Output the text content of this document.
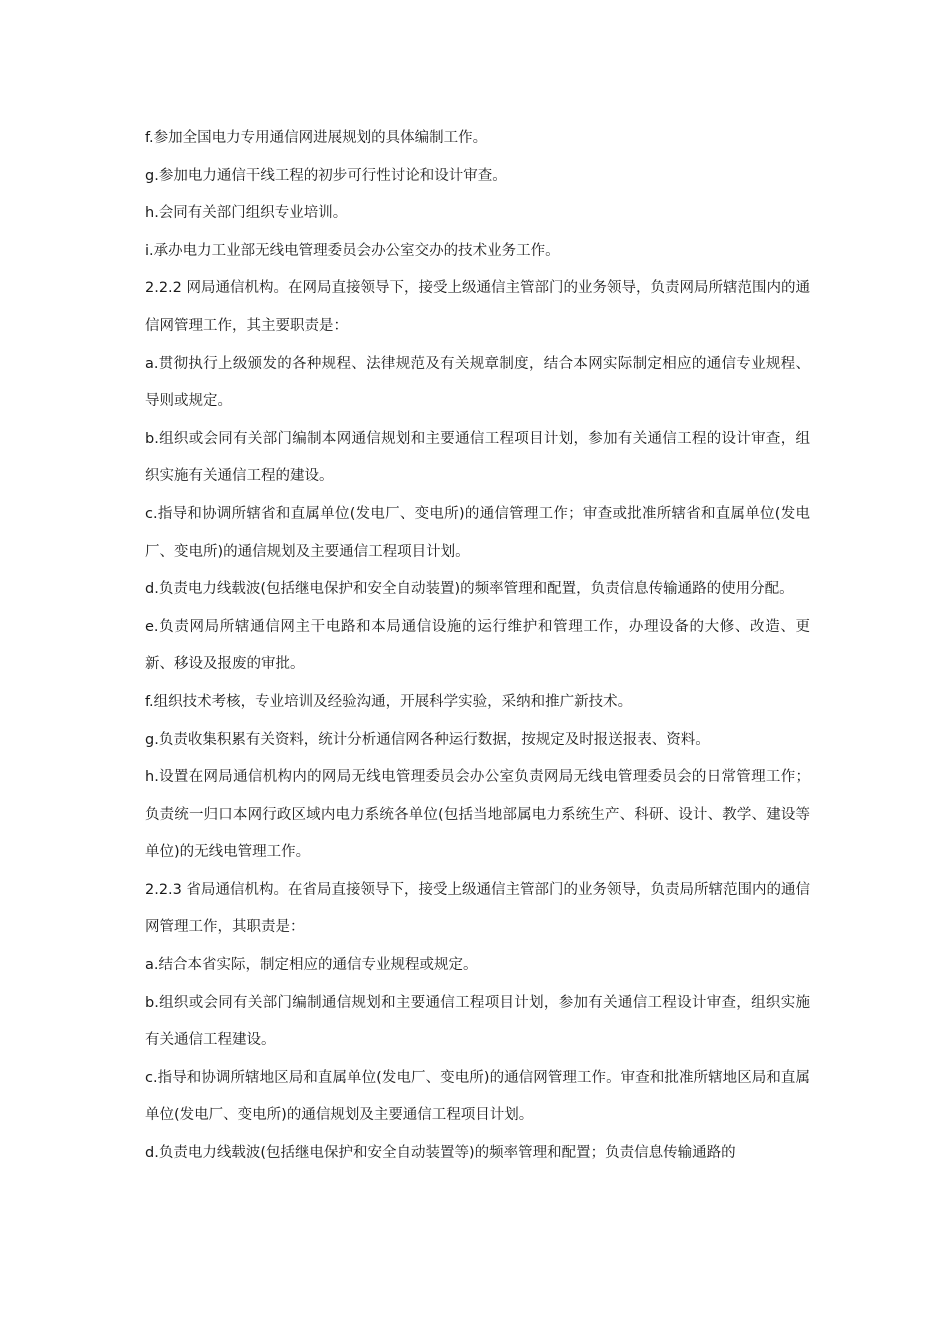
f.参加全国电力专用通信网进展规划的具体编制工作。

g.参加电力通信干线工程的初步可行性讨论和设计审查。

h.会同有关部门组织专业培训。

i.承办电力工业部无线电管理委员会办公室交办的技术业务工作。

2.2.2 网局通信机构。在网局直接领导下，接受上级通信主管部门的业务领导，负责网局所辖范围内的通信网管理工作，其主要职责是：

a.贯彻执行上级颁发的各种规程、法律规范及有关规章制度，结合本网实际制定相应的通信专业规程、导则或规定。

b.组织或会同有关部门编制本网通信规划和主要通信工程项目计划，参加有关通信工程的设计审查，组织实施有关通信工程的建设。

c.指导和协调所辖省和直属单位(发电厂、变电所)的通信管理工作；审查或批准所辖省和直属单位(发电厂、变电所)的通信规划及主要通信工程项目计划。

d.负责电力线载波(包括继电保护和安全自动装置)的频率管理和配置，负责信息传输通路的使用分配。

e.负责网局所辖通信网主干电路和本局通信设施的运行维护和管理工作，办理设备的大修、改造、更新、移设及报废的审批。

f.组织技术考核，专业培训及经验沟通，开展科学实验，采纳和推广新技术。

g.负责收集积累有关资料，统计分析通信网各种运行数据，按规定及时报送报表、资料。

h.设置在网局通信机构内的网局无线电管理委员会办公室负责网局无线电管理委员会的日常管理工作；负责统一归口本网行政区域内电力系统各单位(包括当地部属电力系统生产、科研、设计、教学、建设等单位)的无线电管理工作。

2.2.3 省局通信机构。在省局直接领导下，接受上级通信主管部门的业务领导，负责局所辖范围内的通信网管理工作，其职责是：

a.结合本省实际，制定相应的通信专业规程或规定。

b.组织或会同有关部门编制通信规划和主要通信工程项目计划，参加有关通信工程设计审查，组织实施有关通信工程建设。

c.指导和协调所辖地区局和直属单位(发电厂、变电所)的通信网管理工作。审查和批准所辖地区局和直属单位(发电厂、变电所)的通信规划及主要通信工程项目计划。

d.负责电力线载波(包括继电保护和安全自动装置等)的频率管理和配置；负责信息传输通路的
